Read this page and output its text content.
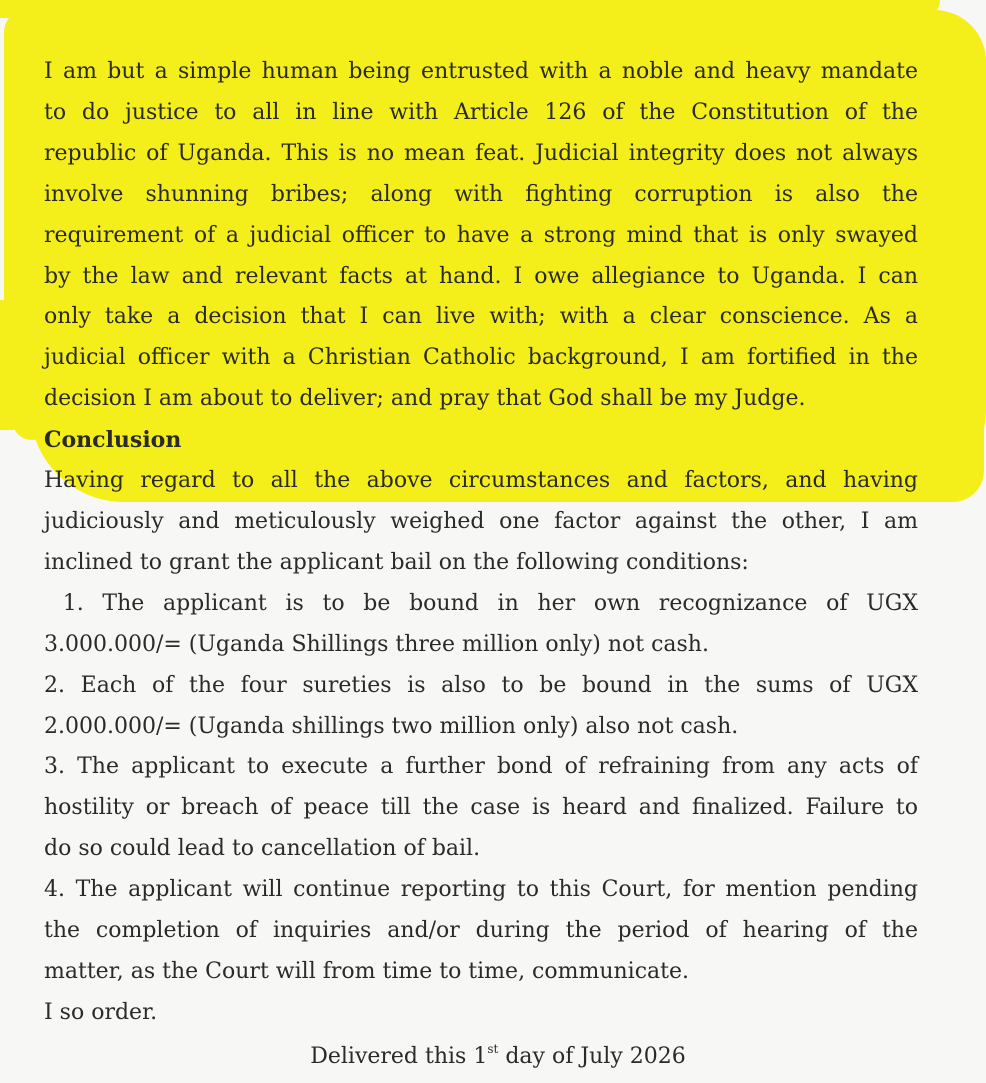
I am but a simple human being entrusted with a noble and heavy mandate
to do justice to all in line with Article 126 of the Constitution of the
republic of Uganda. This is no mean feat. Judicial integrity does not always
involve shunning bribes; along with fighting corruption is also the
requirement of a judicial officer to have a strong mind that is only swayed
by the law and relevant facts at hand. I owe allegiance to Uganda. I can
only take a decision that I can live with; with a clear conscience. As a
judicial officer with a Christian Catholic background, I am fortified in the
decision I am about to deliver; and pray that God shall be my Judge.
Conclusion
Having regard to all the above circumstances and factors, and having
judiciously and meticulously weighed one factor against the other, I am
inclined to grant the applicant bail on the following conditions:
1. The applicant is to be bound in her own recognizance of UGX
3.000.000/= (Uganda Shillings three million only) not cash.
2. Each of the four sureties is also to be bound in the sums of UGX
2.000.000/= (Uganda shillings two million only) also not cash.
3. The applicant to execute a further bond of refraining from any acts of
hostility or breach of peace till the case is heard and finalized. Failure to
do so could lead to cancellation of bail.
4. The applicant will continue reporting to this Court, for mention pending
the completion of inquiries and/or during the period of hearing of the
matter, as the Court will from time to time, communicate.
I so order.
Delivered this 1st day of July 2026
